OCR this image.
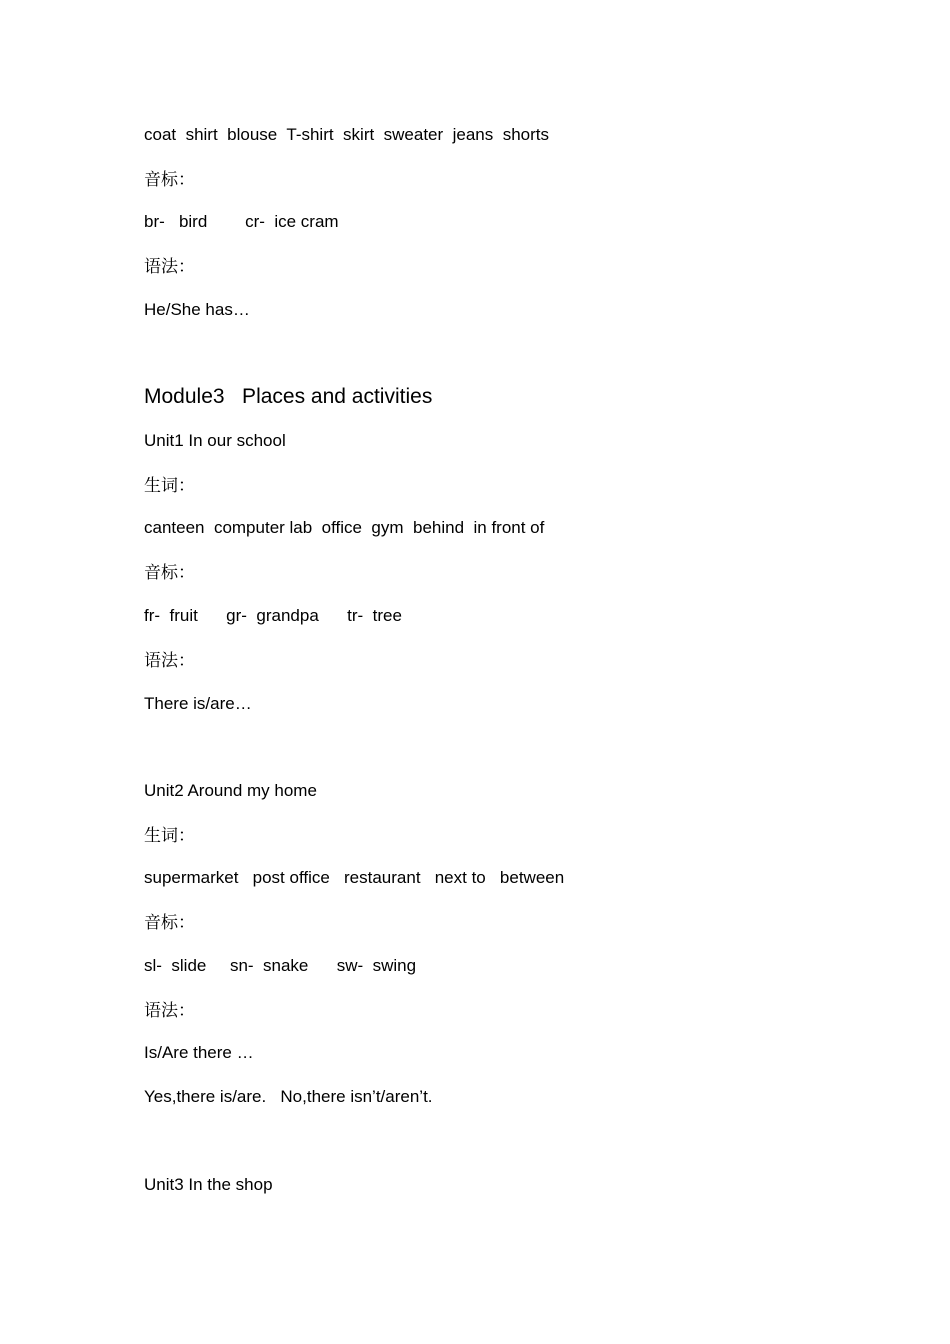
coat  shirt  blouse  T-shirt  skirt  sweater  jeans  shorts

音标：

br-   bird        cr-  ice cram

语法：

He/She has…

Module3   Places and activities

Unit1 In our school

生词：

canteen  computer lab  office  gym  behind  in front of

音标：

fr-  fruit      gr-  grandpa      tr-  tree

语法：

There is/are…

Unit2 Around my home

生词：

supermarket   post office   restaurant   next to   between

音标：

sl-  slide     sn-  snake      sw-  swing

语法：

Is/Are there …

Yes,there is/are.   No,there isn’t/aren’t.

Unit3 In the shop
